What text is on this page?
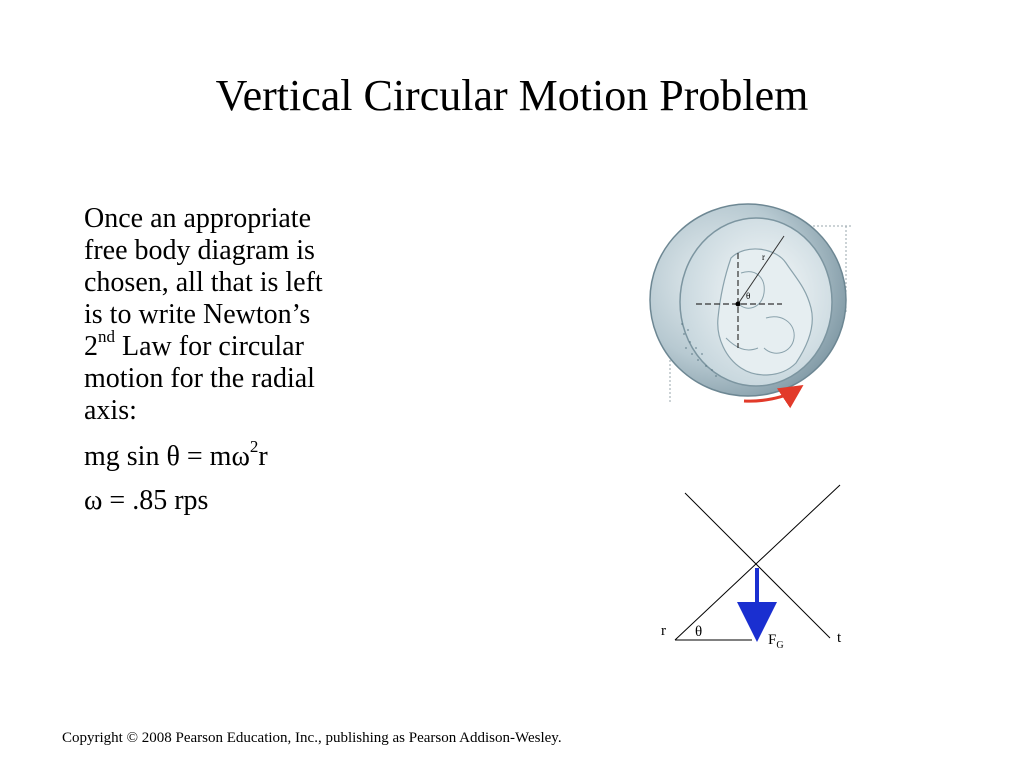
Vertical Circular Motion Problem

Once an appropriate
free body diagram is
chosen, all that is left
is to write Newton’s
2nd Law for circular
motion for the radial
axis:

mg $\sin \theta = m\omega^2r$

ω = .85 rps

r
θ
r θ	t
$F_G$
Copyright © 2008 Pearson Education, Inc., publishing as Pearson Addison-Wesley.
